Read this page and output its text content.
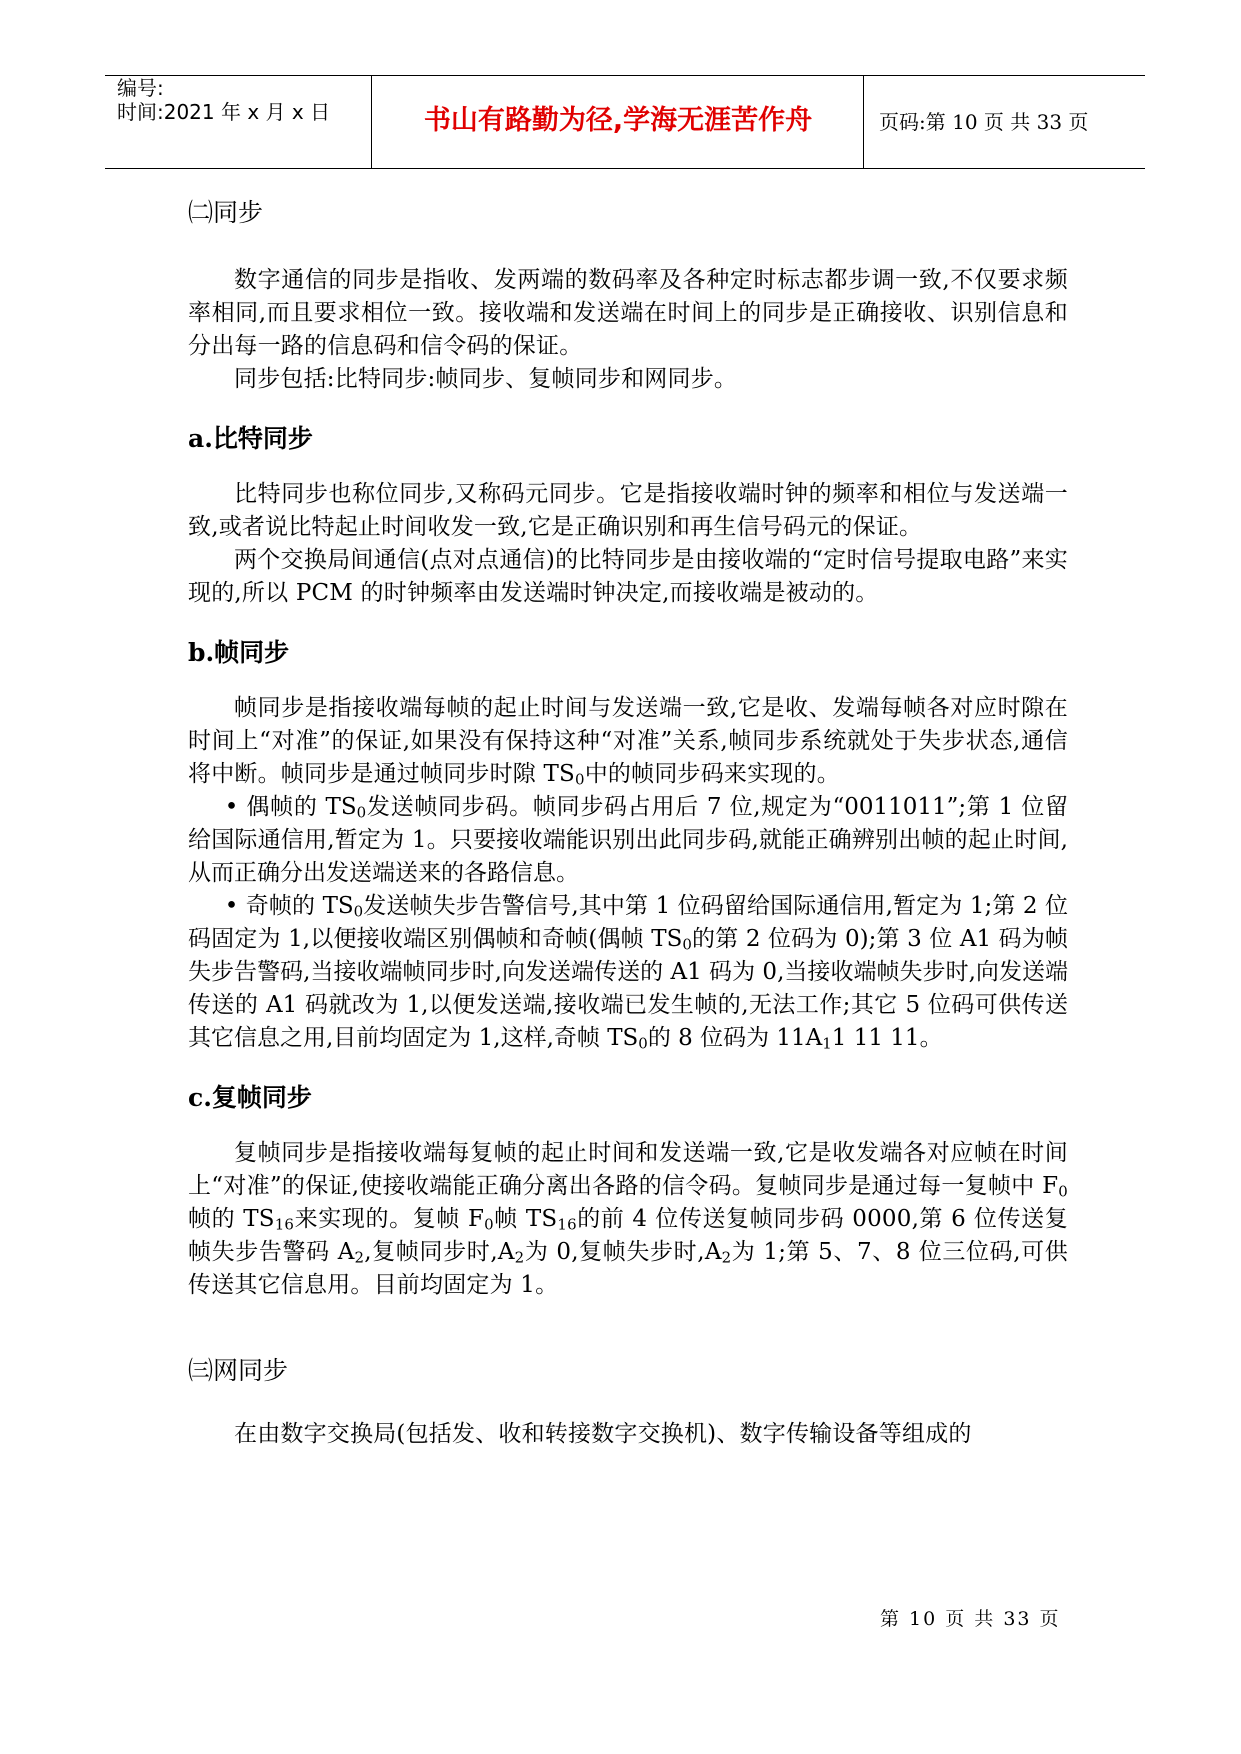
编号:
时间:2021 年 x 月 x 日	书山有路勤为径,学海无涯苦作舟	页码:第 10 页 共 33 页

㈡同步

数字通信的同步是指收、发两端的数码率及各种定时标志都步调一致,不仅要求频率相同,而且要求相位一致。接收端和发送端在时间上的同步是正确接收、识别信息和分出每一路的信息码和信令码的保证。

同步包括:比特同步:帧同步、复帧同步和网同步。

a.比特同步

比特同步也称位同步,又称码元同步。它是指接收端时钟的频率和相位与发送端一致,或者说比特起止时间收发一致,它是正确识别和再生信号码元的保证。

两个交换局间通信(点对点通信)的比特同步是由接收端的“定时信号提取电路”来实现的,所以 PCM 的时钟频率由发送端时钟决定,而接收端是被动的。

b.帧同步

帧同步是指接收端每帧的起止时间与发送端一致,它是收、发端每帧各对应时隙在时间上“对准”的保证,如果没有保持这种“对准”关系,帧同步系统就处于失步状态,通信将中断。帧同步是通过帧同步时隙 $TS_0$中的帧同步码来实现的。

• 偶帧的 $TS_0$发送帧同步码。帧同步码占用后 7 位,规定为“0011011”;第 1 位留给国际通信用,暂定为 1。只要接收端能识别出此同步码,就能正确辨别出帧的起止时间,从而正确分出发送端送来的各路信息。

• 奇帧的 $TS_0$发送帧失步告警信号,其中第 1 位码留给国际通信用,暂定为 1;第 2 位码固定为 1,以便接收端区别偶帧和奇帧(偶帧 $TS_0$的第 2 位码为 0);第 3 位 A1 码为帧失步告警码,当接收端帧同步时,向发送端传送的 A1 码为 0,当接收端帧失步时,向发送端传送的 A1 码就改为 1,以便发送端,接收端已发生帧的,无法工作;其它 5 位码可供传送其它信息之用,目前均固定为 1,这样,奇帧 $TS_0$的 8 位码为 $11A_11$ 11 11。

c.复帧同步

复帧同步是指接收端每复帧的起止时间和发送端一致,它是收发端各对应帧在时间上“对准”的保证,使接收端能正确分离出各路的信令码。复帧同步是通过每一复帧中 $F_0$帧的 $TS_{16}$来实现的。复帧 $F_0$帧 $TS_{16}$的前 4 位传送复帧同步码 0000,第 6 位传送复帧失步告警码 $A_2$,复帧同步时$,A_2$为 0,复帧失步时$,A_2$为 1;第 5、7、8 位三位码,可供传送其它信息用。目前均固定为 1。

㈢网同步

在由数字交换局(包括发、收和转接数字交换机)、数字传输设备等组成的

第 10 页 共 33 页
